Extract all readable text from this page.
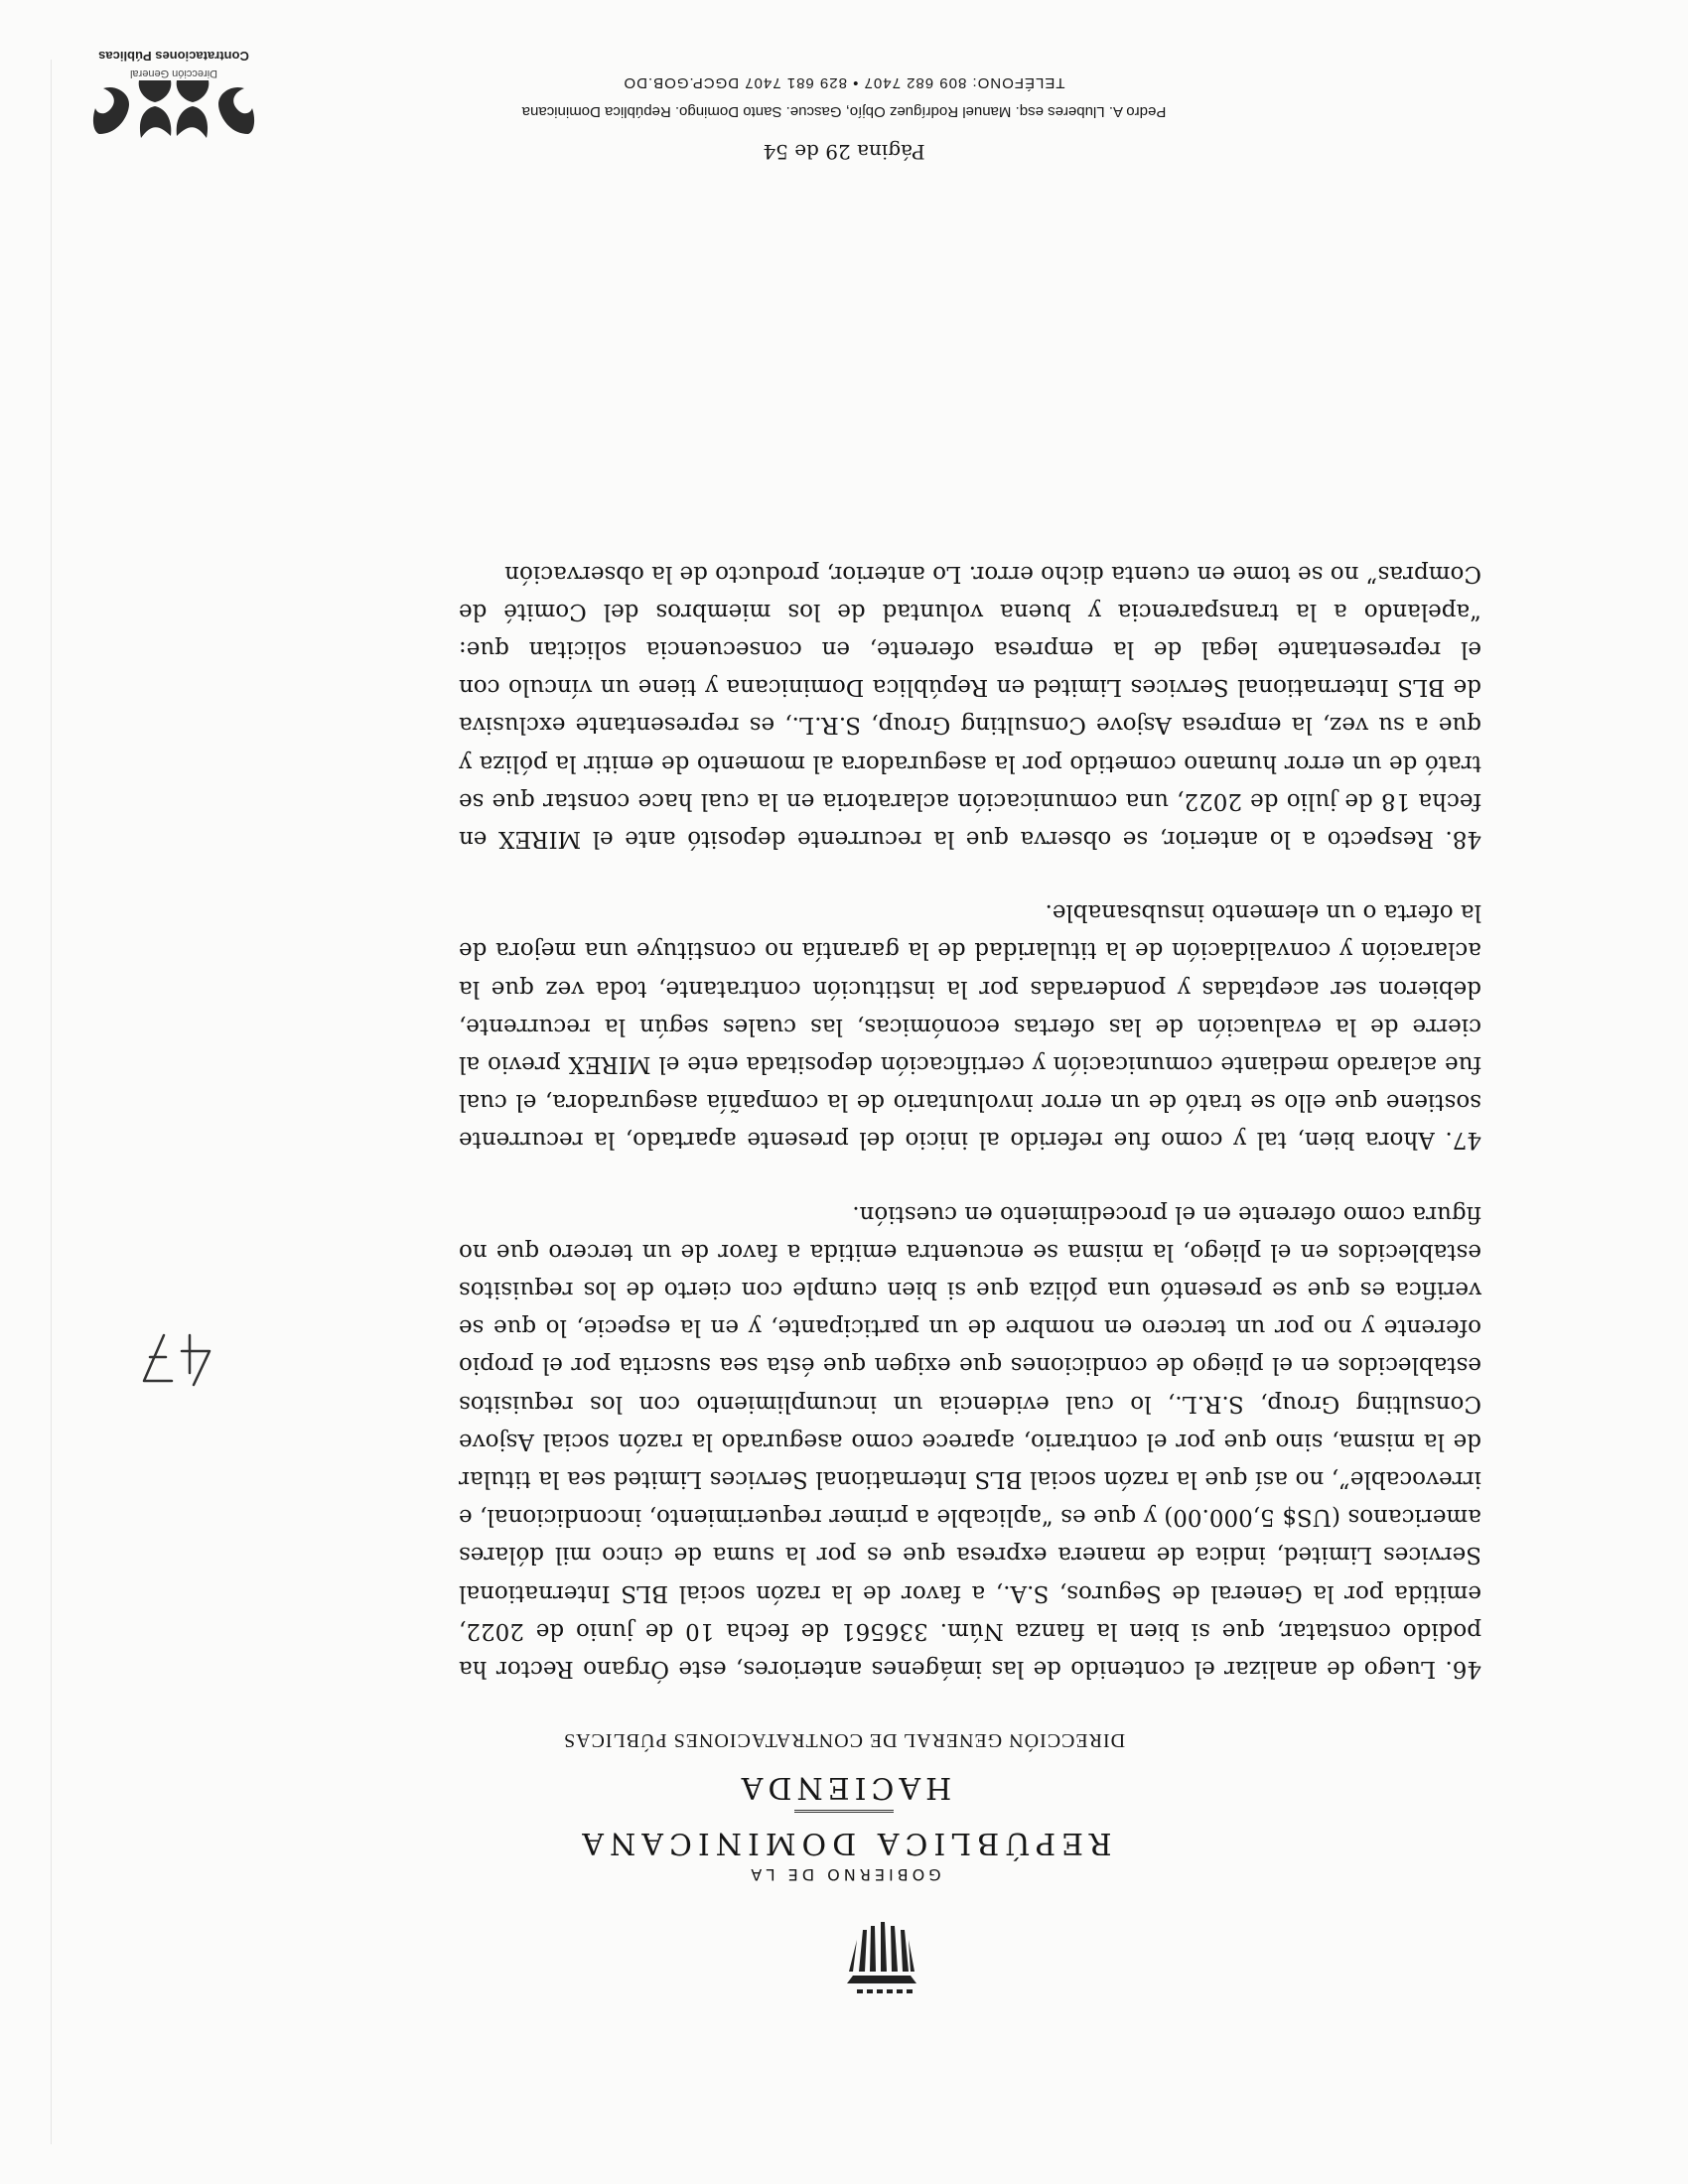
GOBIERNO DE LA
REPÚBLICA DOMINICANA
HACIENDA
DIRECCIÓN GENERAL DE CONTRATACIONES PÚBLICAS

46. Luego de analizar el contenido de las imágenes anteriores, este Órgano Rector ha podido constatar, que si bien la fianza Núm. 336561 de fecha 10 de junio de 2022, emitida por la General de Seguros, S.A., a favor de la razón social BLS International Services Limited, indica de manera expresa que es por la suma de cinco mil dólares americanos (US$ 5,000.00) y que es “aplicable a primer requerimiento, incondicional, e irrevocable”, no así que la razón social BLS International Services Limited sea la titular de la misma, sino que por el contrario, aparece como asegurado la razón social Asjove Consulting Group, S.R.L., lo cual evidencia un incumplimiento con los requisitos establecidos en el pliego de condiciones que exigen que ésta sea suscrita por el propio oferente y no por un tercero en nombre de un participante, y en la especie, lo que se verifica es que se presentó una póliza que si bien cumple con cierto de los requisitos establecidos en el pliego, la misma se encuentra emitida a favor de un tercero que no figura como oferente en el procedimiento en cuestión.

47. Ahora bien, tal y como fue referido al inicio del presente apartado, la recurrente sostiene que ello se trató de un error involuntario de la compañía aseguradora, el cual fue aclarado mediante comunicación y certificación depositada ente el MIREX previo al cierre de la evaluación de las ofertas económicas, las cuales según la recurrente, debieron ser aceptadas y ponderadas por la institución contratante, toda vez que la aclaración y convalidación de la titularidad de la garantía no constituye una mejora de la oferta o un elemento insubsanable.

48. Respecto a lo anterior, se observa que la recurrente depositó ante el MIREX en fecha 18 de julio de 2022, una comunicación aclaratoria en la cual hace constar que se trató de un error humano cometido por la aseguradora al momento de emitir la póliza y que a su vez, la empresa Asjove Consulting Group, S.R.L., es representante exclusiva de BLS International Services Limited en República Dominicana y tiene un vínculo con el representante legal de la empresa oferente, en consecuencia solicitan que: “apelando a la transparencia y buena voluntad de los miembros del Comité de Compras” no se tome en cuenta dicho error. Lo anterior, producto de la observación

Página 29 de 54
Pedro A. Lluberes esq. Manuel Rodríguez Objío, Gascue. Santo Domingo. República Dominicana
TELÉFONO: 809 682 7407 • 829 681 7407 DGCP.GOB.DO
Dirección General
Contrataciones Públicas
